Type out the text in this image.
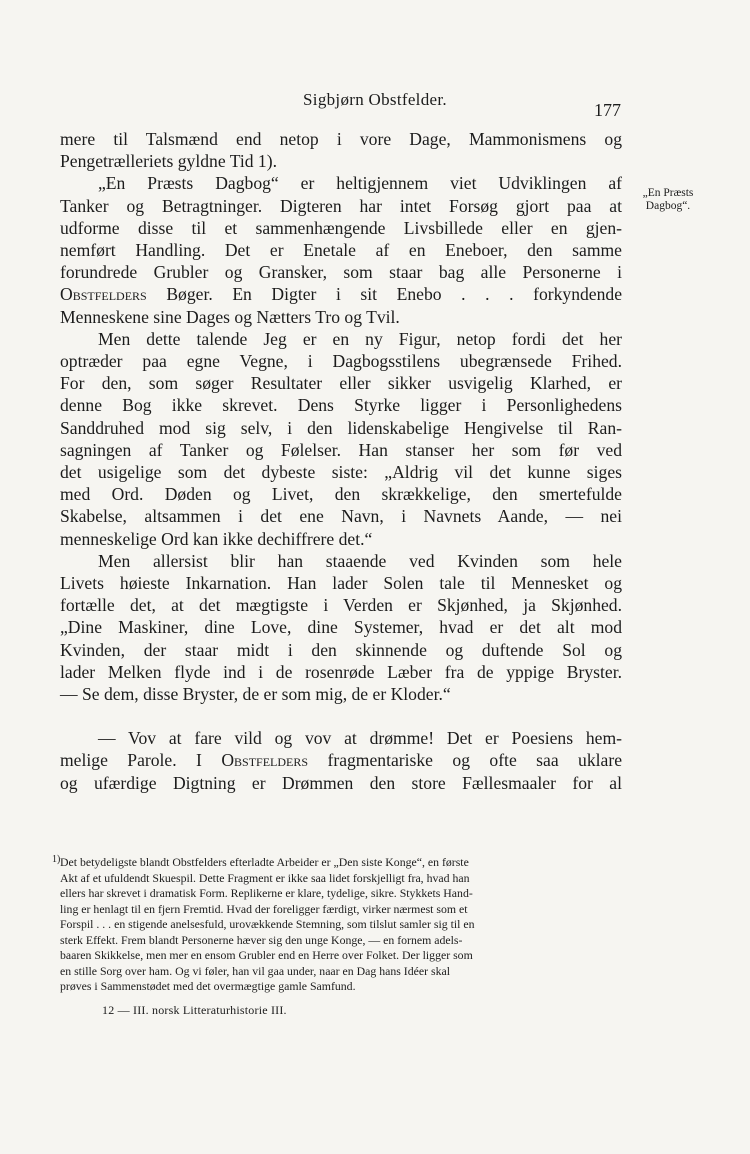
Sigbjørn Obstfelder.
177
„En Præsts Dagbog“.

mere til Talsmænd end netop i vore Dage, Mammonismens og

Pengetrælleriets gyldne Tid 1).

„En Præsts Dagbog“ er heltigjennem viet Udviklingen af

Tanker og Betragtninger. Digteren har intet Forsøg gjort paa at

udforme disse til et sammenhængende Livsbillede eller en gjen-

nemført Handling. Det er Enetale af en Eneboer, den samme

forundrede Grubler og Gransker, som staar bag alle Personerne i

Obstfelders Bøger. En Digter i sit Enebo . . . forkyndende

Menneskene sine Dages og Nætters Tro og Tvil.

Men dette talende Jeg er en ny Figur, netop fordi det her

optræder paa egne Vegne, i Dagbogsstilens ubegrænsede Frihed.

For den, som søger Resultater eller sikker usvigelig Klarhed, er

denne Bog ikke skrevet. Dens Styrke ligger i Personlighedens

Sanddruhed mod sig selv, i den lidenskabelige Hengivelse til Ran-

sagningen af Tanker og Følelser. Han stanser her som før ved

det usigelige som det dybeste siste: „Aldrig vil det kunne siges

med Ord. Døden og Livet, den skrækkelige, den smertefulde

Skabelse, altsammen i det ene Navn, i Navnets Aande, — nei

menneskelige Ord kan ikke dechiffrere det.“

Men allersist blir han staaende ved Kvinden som hele

Livets høieste Inkarnation. Han lader Solen tale til Mennesket og

fortælle det, at det mægtigste i Verden er Skjønhed, ja Skjønhed.

„Dine Maskiner, dine Love, dine Systemer, hvad er det alt mod

Kvinden, der staar midt i den skinnende og duftende Sol og

lader Melken flyde ind i de rosenrøde Læber fra de yppige Bryster.

— Se dem, disse Bryster, de er som mig, de er Kloder.“

— Vov at fare vild og vov at drømme! Det er Poesiens hem-

melige Parole. I Obstfelders fragmentariske og ofte saa uklare

og ufærdige Digtning er Drømmen den store Fællesmaaler for al

1) Det betydeligste blandt Obstfelders efterladte Arbeider er „Den siste Konge“, en første

Akt af et ufuldendt Skuespil. Dette Fragment er ikke saa lidet forskjelligt fra, hvad han

ellers har skrevet i dramatisk Form. Replikerne er klare, tydelige, sikre. Stykkets Hand-

ling er henlagt til en fjern Fremtid. Hvad der foreligger færdigt, virker nærmest som et

Forspil . . . en stigende anelsesfuld, urovækkende Stemning, som tilslut samler sig til en

sterk Effekt. Frem blandt Personerne hæver sig den unge Konge, — en fornem adels-

baaren Skikkelse, men mer en ensom Grubler end en Herre over Folket. Der ligger som

en stille Sorg over ham. Og vi føler, han vil gaa under, naar en Dag hans Idéer skal

prøves i Sammenstødet med det overmægtige gamle Samfund.

12 — III. norsk Litteraturhistorie III.
